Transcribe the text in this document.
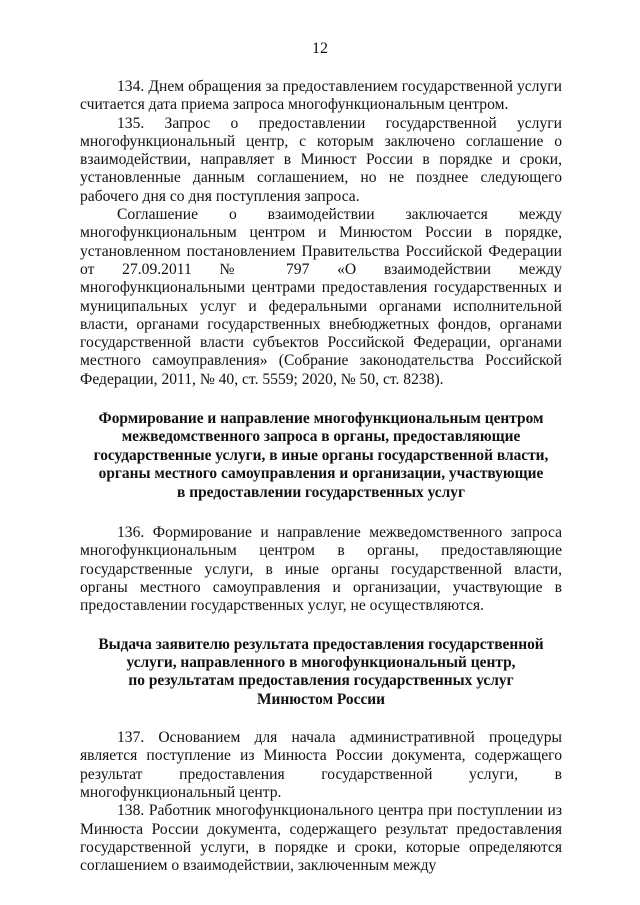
12

134. Днем обращения за предоставлением государственной услуги считается дата приема запроса многофункциональным центром.

135. Запрос о предоставлении государственной услуги многофункциональный центр, с которым заключено соглашение о взаимодействии, направляет в Минюст России в порядке и сроки, установленные данным соглашением, но не позднее следующего рабочего дня со дня поступления запроса.

Соглашение о взаимодействии заключается между многофункциональным центром и Минюстом России в порядке, установленном постановлением Правительства Российской Федерации от 27.09.2011 № 797 «О взаимодействии между многофункциональными центрами предоставления государственных и муниципальных услуг и федеральными органами исполнительной власти, органами государственных внебюджетных фондов, органами государственной власти субъектов Российской Федерации, органами местного самоуправления» (Собрание законодательства Российской Федерации, 2011, № 40, ст. 5559; 2020, № 50, ст. 8238).

Формирование и направление многофункциональным центром
межведомственного запроса в органы, предоставляющие
государственные услуги, в иные органы государственной власти,
органы местного самоуправления и организации, участвующие
в предоставлении государственных услуг

136. Формирование и направление межведомственного запроса многофункциональным центром в органы, предоставляющие государственные услуги, в иные органы государственной власти, органы местного самоуправления и организации, участвующие в предоставлении государственных услуг, не осуществляются.

Выдача заявителю результата предоставления государственной
услуги, направленного в многофункциональный центр,
по результатам предоставления государственных услуг
Минюстом России

137. Основанием для начала административной процедуры является поступление из Минюста России документа, содержащего результат предоставления государственной услуги, в многофункциональный центр.

138. Работник многофункционального центра при поступлении из Минюста России документа, содержащего результат предоставления государственной услуги, в порядке и сроки, которые определяются соглашением о взаимодействии, заключенным между
